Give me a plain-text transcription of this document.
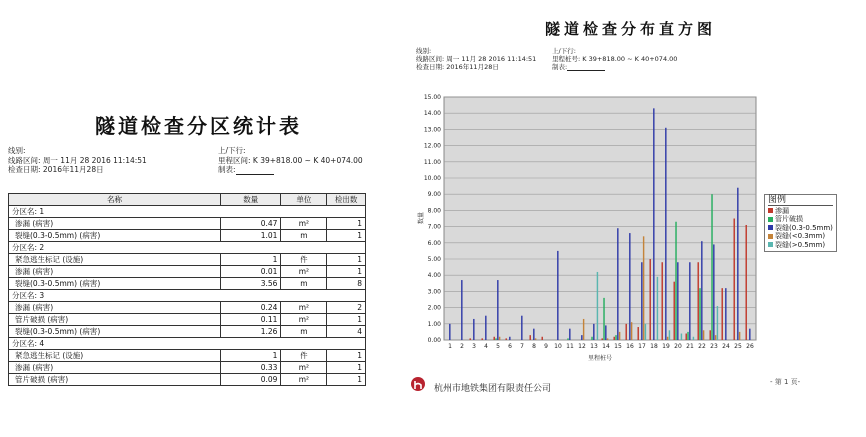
隧道检查分区统计表
线别:
线路区间: 周一 11月 28 2016 11:14:51
检查日期: 2016年11月28日
上/下行:
里程区间: K 39+818.00 ~ K 40+074.00
制表:
名称	数量	单位	检出数
分区名: 1			
渗漏 (病害)	0.47	m²	1
裂缝(0.3-0.5mm) (病害)	1.01	m	1
分区名: 2			
紧急逃生标记 (设施)	1	件	1
渗漏 (病害)	0.01	m²	1
裂缝(0.3-0.5mm) (病害)	3.56	m	8
分区名: 3			
渗漏 (病害)	0.24	m²	2
管片破损 (病害)	0.11	m²	1
裂缝(0.3-0.5mm) (病害)	1.26	m	4
分区名: 4			
紧急逃生标记 (设施)	1	件	1
渗漏 (病害)	0.33	m²	1
管片破损 (病害)	0.09	m²	1
隧道检查分布直方图
线别:
线路区间: 周一 11月 28 2016 11:14:51
检查日期: 2016年11月28日
上/下行:
里程桩号: K 39+818.00 ~ K 40+074.00
制表:
0.00
1.00
2.00
3.00
4.00
5.00
6.00
7.00
8.00
9.00
10.00
11.00
12.00
13.00
14.00
15.00
1 2 3 4 5 6 7 8 9 10 11 12 13 14 15 16 17 18 19 20 21 22 23 24 25 26
里程桩号
数量
图例
渗漏
管片破损
裂缝(0.3-0.5mm)
裂缝(<0.3mm)
裂缝(>0.5mm)
杭州市地铁集团有限责任公司
- 第 1 页-
